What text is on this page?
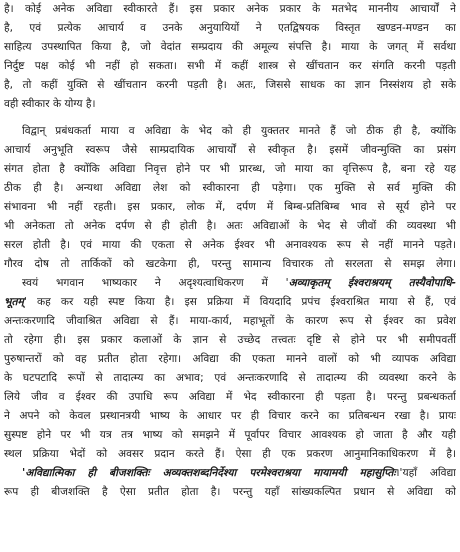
है। कोई अनेक अविद्या स्वीकारते हैं। इस प्रकार अनेक प्रकार के मतभेद माननीय आचार्यों ने

है, एवं प्रत्येक आचार्य व उनके अनुयायियों ने एतद्विषयक विस्तृत खण्डन-मण्डन का

साहित्य उपस्थापित किया है, जो वेदांत सम्प्रदाय की अमूल्य संपत्ति है। माया के जगत् में सर्वथा

निर्दुष्ट पक्ष कोई भी नहीं हो सकता। सभी में कहीं शास्त्र से खींचतान कर संगति करनी पड़ती

है, तो कहीं युक्ति से खींचतान करनी पड़ती है। अतः, जिससे साधक का ज्ञान निस्संशय हो सके

वही स्वीकार के योग्य है।

विद्वान् प्रबंधकर्ता माया व अविद्या के भेद को ही युक्ततर मानते हैं जो ठीक ही है, क्योंकि

आचार्य अनुभूति स्वरूप जैसे साम्प्रदायिक आचार्यों से स्वीकृत है। इसमें जीवन्मुक्ति का प्रसंग

संगत होता है क्योंकि अविद्या निवृत्त होने पर भी प्रारब्ध, जो माया का वृत्तिरूप है, बना रहे यह

ठीक ही है। अन्यथा अविद्या लेश को स्वीकारना ही पड़ेगा। एक मुक्ति से सर्व मुक्ति की

संभावना भी नहीं रहती। इस प्रकार, लोक में, दर्पण में बिम्ब-प्रतिबिम्ब भाव से सूर्य होने पर

भी अनेकता तो अनेक दर्पण से ही होती है। अतः अविद्याओं के भेद से जीवों की व्यवस्था भी

सरल होती है। एवं माया की एकता से अनेक ईश्वर भी अनावश्यक रूप से नहीं मानने पड़ते।

गौरव दोष तो तार्किकों को खटकेगा ही, परन्तु सामान्य विचारक तो सरलता से समझ लेगा।

स्वयं भगवान भाष्यकार ने अदृश्यत्वाधिकरण में 'अव्याकृतम् ईश्वराश्रयम् तस्यैवोपाधि-

भूतम्' कह कर यही स्पष्ट किया है। इस प्रक्रिया में वियदादि प्रपंच ईश्वराश्रित माया से हैं, एवं

अन्तःकरणादि जीवाश्रित अविद्या से हैं। माया-कार्य, महाभूतों के कारण रूप से ईश्वर का प्रवेश

तो रहेगा ही। इस प्रकार कलाओं के ज्ञान से उच्छेद तत्त्वतः दृष्टि से होने पर भी समीपवर्ती

पुरुषान्तरों को वह प्रतीत होता रहेगा। अविद्या की एकता मानने वालों को भी व्यापक अविद्या

के घटपटादि रूपों से तादात्म्य का अभाव; एवं अन्तःकरणादि से तादात्म्य की व्यवस्था करने के

लिये जीव व ईश्वर की उपाधि रूप अविद्या में भेद स्वीकारना ही पड़ता है। परन्तु प्रबन्धकर्ता

ने अपने को केवल प्रस्थानत्रयी भाष्य के आधार पर ही विचार करने का प्रतिबन्धन रखा है। प्रायः

सुस्पष्ट होने पर भी यत्र तत्र भाष्य को समझने में पूर्वापर विचार आवश्यक हो जाता है और यही

स्थल प्रक्रिया भेदों को अवसर प्रदान करते हैं। ऐसा ही एक प्रकरण आनुमानिकाधिकरण में है।

'अविद्यात्मिका ही बीजशक्तिः अव्यक्तशब्दनिर्देश्या परमेश्वराश्रया मायामयी महासुप्तिः।'यहाँ अविद्या

रूप ही बीजशक्ति है ऐसा प्रतीत होता है। परन्तु यहाँ सांख्यकल्पित प्रधान से अविद्या को
